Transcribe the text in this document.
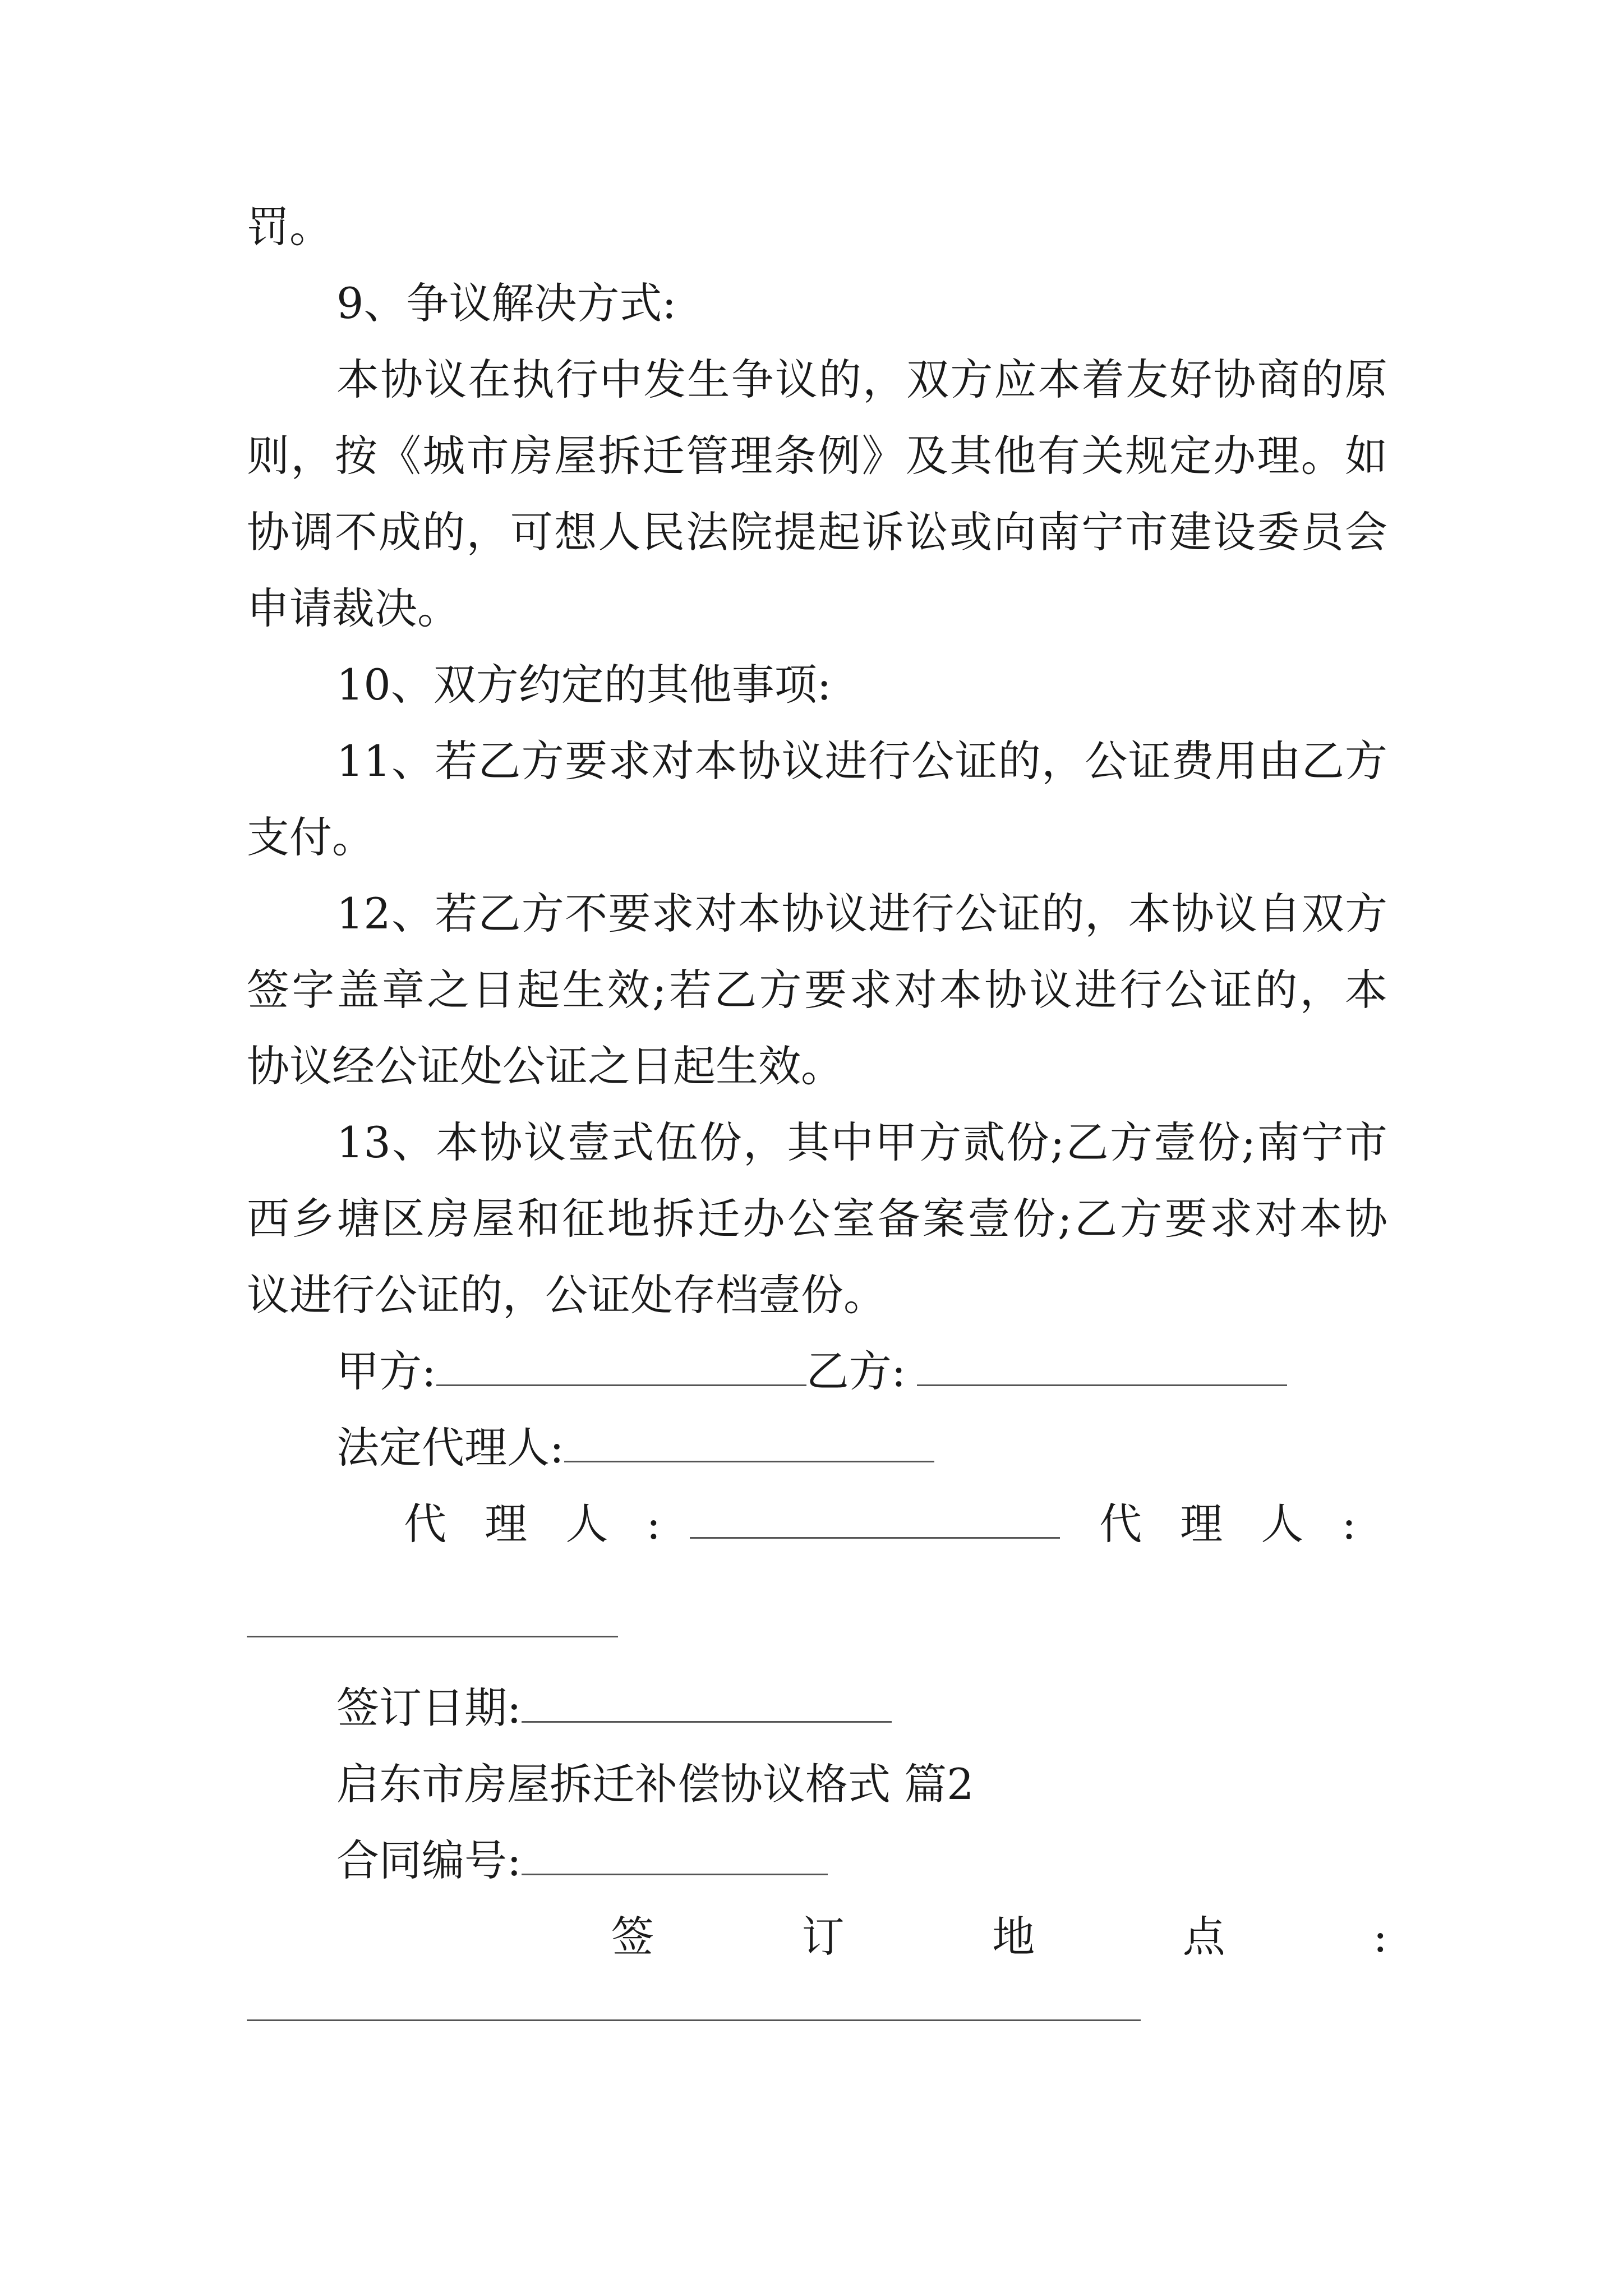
罚。
9、争议解决方式:
本协议在执行中发生争议的，双方应本着友好协商的原
则，按《城市房屋拆迁管理条例》及其他有关规定办理。如
协调不成的，可想人民法院提起诉讼或向南宁市建设委员会
申请裁决。
10、双方约定的其他事项:
11、若乙方要求对本协议进行公证的，公证费用由乙方
支付。
12、若乙方不要求对本协议进行公证的，本协议自双方
签字盖章之日起生效;若乙方要求对本协议进行公证的，本
协议经公证处公证之日起生效。
13、本协议壹式伍份，其中甲方贰份;乙方壹份;南宁市
西乡塘区房屋和征地拆迁办公室备案壹份;乙方要求对本协
议进行公证的，公证处存档壹份。
甲方:	乙方:
法定代理人:
代 理 人 :	代 理 人 :
签订日期:
启东市房屋拆迁补偿协议格式 篇2
合同编号:
签 订 地 点 :
